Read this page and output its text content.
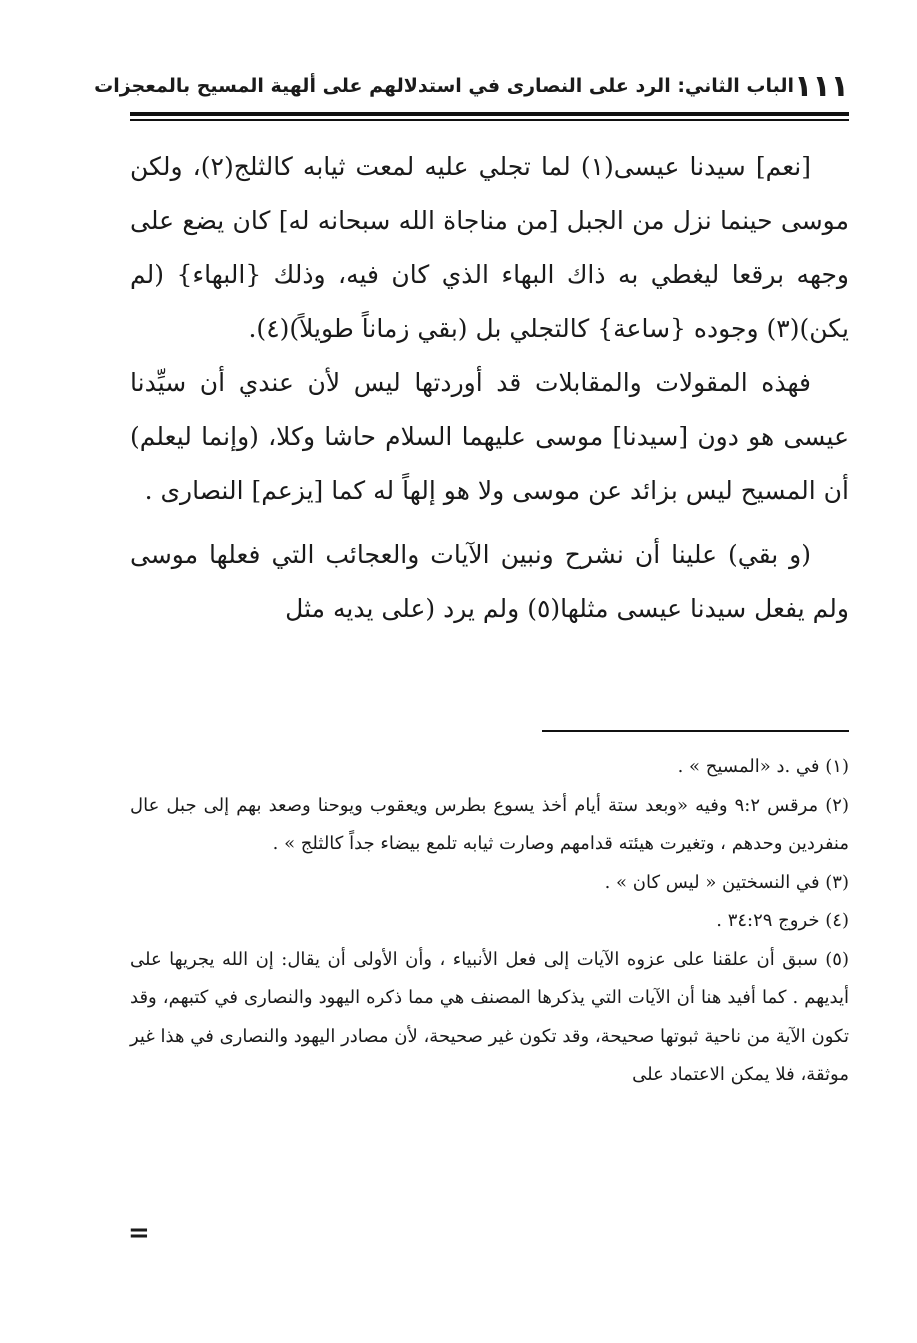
١١١
الباب الثاني: الرد على النصارى في استدلالهم على ألهية المسيح بالمعجزات

[نعم] سيدنا عيسى(١) لما تجلي عليه لمعت ثيابه كالثلج(٢)، ولكن موسى حينما نزل من الجبل [من مناجاة الله سبحانه له] كان يضع على وجهه برقعا ليغطي به ذاك البهاء الذي كان فيه، وذلك {البهاء} (لم يكن)(٣) وجوده {ساعة} كالتجلي بل (بقي زماناً طويلاً)(٤).

فهذه المقولات والمقابلات قد أوردتها ليس لأن عندي أن سيِّدنا عيسى هو دون [سيدنا] موسى عليهما السلام حاشا وكلا، (وإنما ليعلم) أن المسيح ليس بزائد عن موسى ولا هو إلهاً له كما [يزعم] النصارى .

(و بقي) علينا أن نشرح ونبين الآيات والعجائب التي فعلها موسى ولم يفعل سيدنا عيسى مثلها(٥) ولم يرد (على يديه مثل

(١) في .د «المسيح » .

(٢) مرقس ٩:٢ وفيه «وبعد ستة أيام أخذ يسوع بطرس ويعقوب ويوحنا وصعد بهم إلى جبل عال منفردين وحدهم ، وتغيرت هيئته قدامهم وصارت ثيابه تلمع بيضاء جداً كالثلج » .

(٣) في النسختين « ليس كان » .

(٤) خروج ٣٤:٢٩ .

(٥) سبق أن علقنا على عزوه الآيات إلى فعل الأنبياء ، وأن الأولى أن يقال: إن الله يجريها على أيديهم . كما أفيد هنا أن الآيات التي يذكرها المصنف هي مما ذكره اليهود والنصارى في كتبهم، وقد تكون الآية من ناحية ثبوتها صحيحة، وقد تكون غير صحيحة، لأن مصادر اليهود والنصارى في هذا غير موثقة، فلا يمكن الاعتماد على

=
